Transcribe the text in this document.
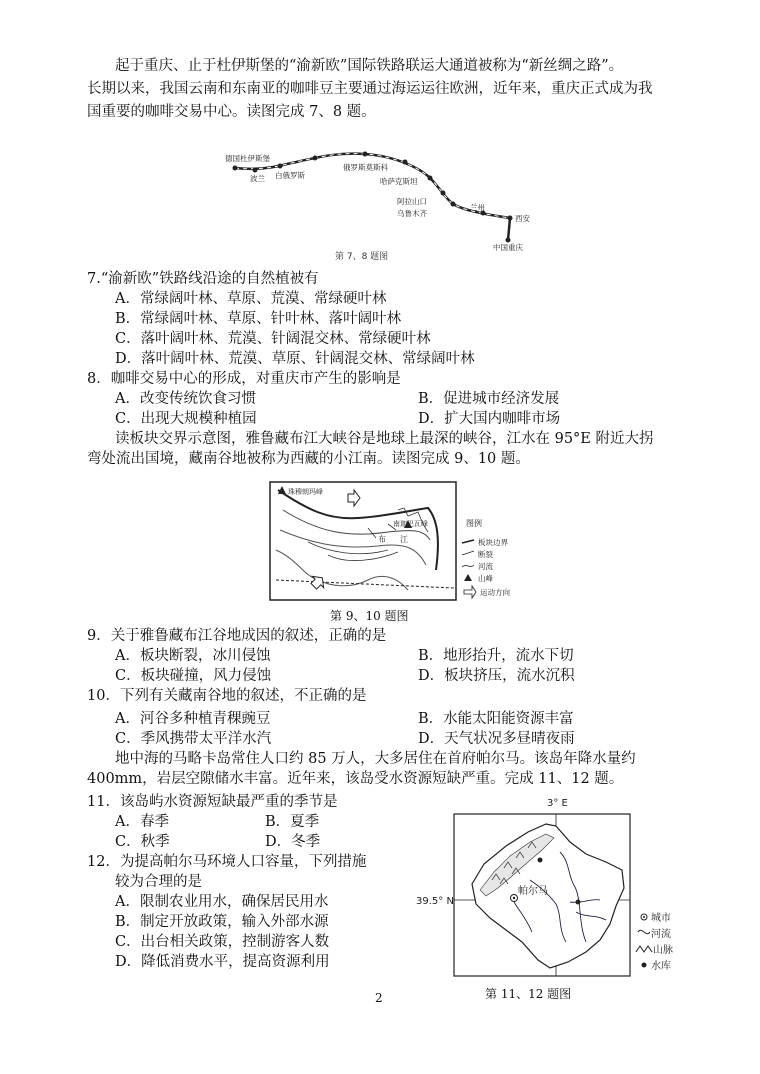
起于重庆、止于杜伊斯堡的“渝新欧”国际铁路联运大通道被称为“新丝绸之路”。
长期以来，我国云南和东南亚的咖啡豆主要通过海运运往欧洲，近年来，重庆正式成为我
国重要的咖啡交易中心。读图完成 7、8 题。
德国杜伊斯堡
波兰 白俄罗斯
俄罗斯莫斯科
哈萨克斯坦
阿拉山口
乌鲁木齐
兰州
西安
中国重庆
第 7、8 题图
7.“渝新欧”铁路线沿途的自然植被有
A．常绿阔叶林、草原、荒漠、常绿硬叶林
B．常绿阔叶林、草原、针叶林、落叶阔叶林
C．落叶阔叶林、荒漠、针阔混交林、常绿硬叶林
D．落叶阔叶林、荒漠、草原、针阔混交林、常绿阔叶林
8．咖啡交易中心的形成，对重庆市产生的影响是
A．改变传统饮食习惯	B．促进城市经济发展
C．出现大规模种植园	D．扩大国内咖啡市场
读板块交界示意图，雅鲁藏布江大峡谷是地球上最深的峡谷，江水在 95°E 附近大拐
弯处流出国境，藏南谷地被称为西藏的小江南。读图完成 9、10 题。
珠穆朗玛峰
南迦巴瓦峰
布 江
图例
板块边界
断裂
河流
山峰
运动方向
第 9、10 题图
9．关于雅鲁藏布江谷地成因的叙述，正确的是
A．板块断裂，冰川侵蚀	B．地形抬升，流水下切
C．板块碰撞，风力侵蚀	D．板块挤压，流水沉积
10．下列有关藏南谷地的叙述，不正确的是
A．河谷多种植青稞豌豆	B．水能太阳能资源丰富
C．季风携带太平洋水汽	D．天气状况多昼晴夜雨
地中海的马略卡岛常住人口约 85 万人，大多居住在首府帕尔马。该岛年降水量约
400mm，岩层空隙储水丰富。近年来，该岛受水资源短缺严重。完成 11、12 题。
11．该岛屿水资源短缺最严重的季节是
A．春季	B．夏季
C．秋季	D．冬季
12．为提高帕尔马环境人口容量，下列措施
较为合理的是
A．限制农业用水，确保居民用水
B．制定开放政策，输入外部水源
C．出台相关政策，控制游客人数
D．降低消费水平，提高资源利用
3° E
39.5° N
帕尔马
城市
河流
山脉
水库
第 11、12 题图
2
